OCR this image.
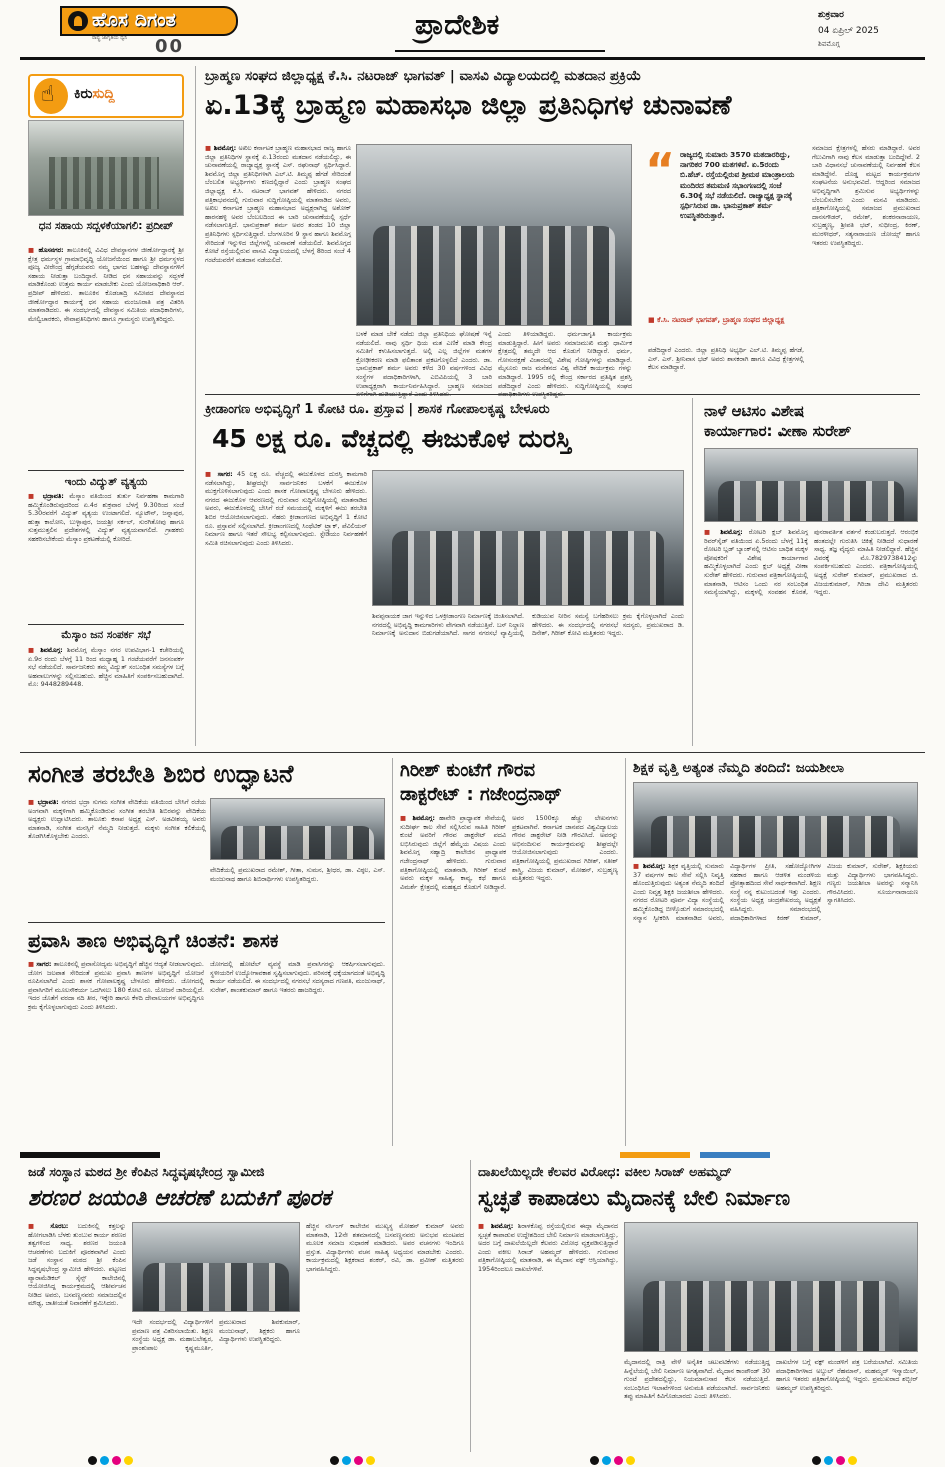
ಹೊಸ ದಿಗಂತ
ರಾಷ್ಟ್ರ ಜಾಗೃತಿಯ ಧ್ವನಿ 00
ಪ್ರಾದೇಶಿಕ	ಶುಕ್ರವಾರ
04 ಏಪ್ರಿಲ್ 2025
ಶಿವಮೊಗ್ಗ
☝
ಕಿರುಸುದ್ದಿ
ಧನ ಸಹಾಯ ಸದ್ಬಳಕೆಯಾಗಲಿ: ಪ್ರದೀಪ್
■ ಹೊಸನಗರ: ತಾಲೂಕಿನಲ್ಲಿ ವಿವಿಧ ದೇವಸ್ಥಾನಗಳ ಜೀರ್ಣೋದ್ಧಾರಕ್ಕೆ ಶ್ರೀ ಕ್ಷೇತ್ರ ಧರ್ಮಸ್ಥಳ ಗ್ರಾಮಾಭಿವೃದ್ಧಿ ಯೋಜನೆಯಿಂದ ಹಾಗೂ ಶ್ರೀ ಧರ್ಮಸ್ಥಳದ ಪೂಜ್ಯ ವೀರೇಂದ್ರ ಹೆಗ್ಗಡೆಯವರು ನಮ್ಮ ಭಾಗದ ಬಹಳಷ್ಟು ದೇವಸ್ಥಾನಗಳಿಗೆ ಸಹಾಯ ನೀಡುತ್ತಾ ಬಂದಿದ್ದಾರೆ. ನೀಡಿದ ಧನ ಸಹಾಯವನ್ನು ಸದ್ಬಳಕೆ ಮಾಡಿಕೊಂಡು ಉತ್ತಮ ಕಾರ್ಯ ಮಾಡಬೇಕು ಎಂದು ಯೋಜನಾಧಿಕಾರಿ ಆರ್. ಪ್ರದೀಪ್ ಹೇಳಿದರು. ತಾಲೂಕಿನ ಕೊಡಚಾದ್ರಿ ಸಮೀಪದ ದೇವಸ್ಥಾನದ ಜೀರ್ಣೋದ್ಧಾರ ಕಾರ್ಯಕ್ಕೆ ಧನ ಸಹಾಯ ಮಂಜೂರಾತಿ ಪತ್ರ ವಿತರಿಸಿ ಮಾತನಾಡಿದರು. ಈ ಸಂದರ್ಭದಲ್ಲಿ ದೇವಸ್ಥಾನ ಸಮಿತಿಯ ಪದಾಧಿಕಾರಿಗಳು, ಮೇಲ್ವಿಚಾರಕರು, ಸೇವಾಪ್ರತಿನಿಧಿಗಳು ಹಾಗೂ ಗ್ರಾಮಸ್ಥರು ಉಪಸ್ಥಿತರಿದ್ದರು.
ಇಂದು ವಿದ್ಯುತ್ ವ್ಯತ್ಯಯ
■ ಭದ್ರಾವತಿ: ಮೆಸ್ಕಾಂ ವತಿಯಿಂದ ತುರ್ತು ನಿರ್ವಹಣಾ ಕಾಮಗಾರಿ ಹಮ್ಮಿಕೊಂಡಿರುವುದರಿಂದ ಏ.4ರ ಶುಕ್ರವಾರ ಬೆಳಗ್ಗೆ 9.30ರಿಂದ ಸಂಜೆ 5.30ರವರೆಗೆ ವಿದ್ಯುತ್ ವ್ಯತ್ಯಯ ಉಂಟಾಗಲಿದೆ. ನ್ಯೂಟೌನ್, ಜನ್ನಾಪುರ, ಹುತ್ತಾ ಕಾಲೋನಿ, ಬುಳ್ಳಾಪುರ, ಜಯಶ್ರೀ ಸರ್ಕಲ್, ಸುರಗಿತೋಪು ಹಾಗೂ ಸುತ್ತಮುತ್ತಲಿನ ಪ್ರದೇಶಗಳಲ್ಲಿ ವಿದ್ಯುತ್ ವ್ಯತ್ಯಯವಾಗಲಿದೆ. ಗ್ರಾಹಕರು ಸಹಕರಿಸಬೇಕೆಂದು ಮೆಸ್ಕಾಂ ಪ್ರಕಟಣೆಯಲ್ಲಿ ಕೋರಿದೆ.
ಮೆಸ್ಕಾಂ ಜನ ಸಂಪರ್ಕ ಸಭೆ
■ ಶಿವಮೊಗ್ಗ: ಶಿವಮೊಗ್ಗ ಮೆಸ್ಕಾಂ ನಗರ ಉಪವಿಭಾಗ-1 ಕಚೇರಿಯಲ್ಲಿ ಏ.9ರ ರಂದು ಬೆಳಗ್ಗೆ 11 ರಿಂದ ಮಧ್ಯಾಹ್ನ 1 ಗಂಟೆಯವರೆಗೆ ಜನಸಂಪರ್ಕ ಸಭೆ ನಡೆಯಲಿದೆ. ಸಾರ್ವಜನಿಕರು ತಮ್ಮ ವಿದ್ಯುತ್ ಸಂಬಂಧಿತ ಸಮಸ್ಯೆಗಳ ಬಗ್ಗೆ ಅಹವಾಲುಗಳನ್ನು ಸಲ್ಲಿಸಬಹುದು. ಹೆಚ್ಚಿನ ಮಾಹಿತಿಗೆ ಸಂಪರ್ಕಿಸಬಹುದಾಗಿದೆ. ಮೊ: 9448289448.
ಬ್ರಾಹ್ಮಣ ಸಂಘದ ಜಿಲ್ಲಾಧ್ಯಕ್ಷ ಕೆ.ಸಿ. ನಟರಾಜ್ ಭಾಗವತ್ | ವಾಸವಿ ವಿದ್ಯಾಲಯದಲ್ಲಿ ಮತದಾನ ಪ್ರಕ್ರಿಯೆ
ಏ.13ಕ್ಕೆ ಬ್ರಾಹ್ಮಣ ಮಹಾಸಭಾ ಜಿಲ್ಲಾ ಪ್ರತಿನಿಧಿಗಳ ಚುನಾವಣೆ
■ ಶಿವಮೊಗ್ಗ: ಅಖಿಲ ಕರ್ನಾಟಕ ಬ್ರಾಹ್ಮಣ ಮಹಾಸಭಾದ ರಾಜ್ಯ ಹಾಗೂ ಜಿಲ್ಲಾ ಪ್ರತಿನಿಧಿಗಳ ಸ್ಥಾನಕ್ಕೆ ಏ.13ರಂದು ಮತದಾನ ನಡೆಯಲಿದ್ದು, ಈ ಚುನಾವಣೆಯಲ್ಲಿ ರಾಜ್ಯಾಧ್ಯಕ್ಷ ಸ್ಥಾನಕ್ಕೆ ಎಸ್. ರಘುನಾಥ್ ಸ್ಪರ್ಧಿಸಿದ್ದಾರೆ. ಶಿವಮೊಗ್ಗ ಜಿಲ್ಲಾ ಪ್ರತಿನಿಧಿಗಳಾಗಿ ಎಲ್.ಟಿ. ತಿಮ್ಮಪ್ಪ ಹೆಗಡೆ ಸೇರಿದಂತೆ ಬೆಂಬಲಿತ ಅಭ್ಯರ್ಥಿಗಳು ಕಣದಲ್ಲಿದ್ದಾರೆ ಎಂದು ಬ್ರಾಹ್ಮಣ ಸಂಘದ ಜಿಲ್ಲಾಧ್ಯಕ್ಷ ಕೆ.ಸಿ. ನಟರಾಜ್ ಭಾಗವತ್ ಹೇಳಿದರು. ನಗರದ ಪತ್ರಿಕಾಭವನದಲ್ಲಿ ಗುರುವಾರ ಸುದ್ದಿಗೋಷ್ಠಿಯಲ್ಲಿ ಮಾತನಾಡಿದ ಅವರು, ಅಖಿಲ ಕರ್ನಾಟಕ ಬ್ರಾಹ್ಮಣ ಮಹಾಸಭಾದ ಅಧ್ಯಕ್ಷರಾಗಿದ್ದ ಅಶೋಕ್ ಹಾರನಹಳ್ಳಿ ಅವರ ಬೆಂಬಲದಿಂದ ಈ ಬಾರಿ ಚುನಾವಣೆಯಲ್ಲಿ ಸ್ಪರ್ಧೆ ನಡೆಸಲಾಗುತ್ತಿದೆ. ಭಾನುಪ್ರಕಾಶ್ ಶರ್ಮ ಅವರ ತಂಡದ 10 ಜಿಲ್ಲಾ ಪ್ರತಿನಿಧಿಗಳು ಸ್ಪರ್ಧಿಸುತ್ತಿದ್ದಾರೆ. ಬೆಂಗಳೂರಿನ 9 ಸ್ಥಾನ ಹಾಗೂ ಶಿವಮೊಗ್ಗ ಸೇರಿದಂತೆ ಇನ್ನುಳಿದ ಜಿಲ್ಲೆಗಳಲ್ಲಿ ಚುನಾವಣೆ ನಡೆಯಲಿದೆ. ಶಿವಮೊಗ್ಗದ ಕೋಟೆ ರಸ್ತೆಯಲ್ಲಿರುವ ವಾಸವಿ ವಿದ್ಯಾಲಯದಲ್ಲಿ ಬೆಳಗ್ಗೆ 8ರಿಂದ ಸಂಜೆ 4 ಗಂಟೆಯವರೆಗೆ ಮತದಾನ ನಡೆಯಲಿದೆ.
ಬಳಕೆ ಮಾಡ ಬೇಕೆ ನಡೆದು ಜಿಲ್ಲಾ ಪ್ರತಿನಿಧಿಯ ಘೋಷಣೆ ಇನ್ನೆ ನಡೆಯಲಿದೆ. ನಾವು ಸ್ಪರ್ಧಿ ಧಿಯ ಮತ ಎಣಿಕೆ ಮಾಡಿ ಕೇಂದ್ರ ಸಮಿತಿಗೆ ಕಳುಹಿಸಲಾಗುತ್ತದೆ. ಅಲ್ಲಿ ಎಲ್ಲ ಜಿಲ್ಲೆಗಳ ಮತಗಳ ಕ್ರೋಢೀಕರಣ ಮಾಡಿ ಫಲಿತಾಂಶ ಪ್ರಕಟಗೊಳ್ಳಲಿದೆ ಎಂದರು. ಡಾ. ಭಾನುಪ್ರಕಾಶ್ ಶರ್ಮ ಅವರು ಕಳೆದ 30 ವರ್ಷಗಳಿಂದ ವಿವಿಧ ಸಂಸ್ಥೆಗಳ ಪದಾಧಿಕಾರಿಗಳಾಗಿ, ಎಬಿವಿಪಿಯಲ್ಲಿ 3 ಬಾರಿ ಉಪಾಧ್ಯಕ್ಷರಾಗಿ ಕಾರ್ಯನಿರ್ವಹಿಸಿದ್ದಾರೆ. ಬ್ರಾಹ್ಮಣ ಸಮಾಜದ
ಎಂದು ತಿಳಿಯಾಡಿದ್ದರು. ಧರ್ಮಜಾಗೃತಿ ಕಾರ್ಯಕ್ರಮ ಮಾಡುತ್ತಿದ್ದಾರೆ. ಹೀಗೆ ಅವರು ಸಮಾಜಮುಖಿ ಮತ್ತು ಧಾರ್ಮಿಕ ಕ್ಷೇತ್ರದಲ್ಲಿ ತಮ್ಮದೇ ಆದ ಕೊಡುಗೆ ನೀಡಿದ್ದಾರೆ. ಧರ್ಮ, ಗೋಸಂರಕ್ಷಣೆ ವಿಚಾರದಲ್ಲಿ ವಿಶೇಷ ಗೋಷ್ಠಿಗಳನ್ನು ಮಾಡಿದ್ದಾರೆ. ಮೈಸೂರು ರಾಜ ಮನೆತನದ ವಿಶ್ವ ವೇದಿಕೆ ಕಾರ್ಯಕ್ರಮ ಗಳನ್ನು ಮಾಡಿದ್ದಾರೆ. 1995 ರಲ್ಲಿ ಕೇಂದ್ರ ಸರ್ಕಾರದ ಪ್ರತಿಷ್ಠಿತ ಪ್ರಶಸ್ತಿ ಪಡೆದಿದ್ದಾರೆ ಎಂದು ಹೇಳಿದರು. ಸುದ್ದಿಗೋಷ್ಠಿಯಲ್ಲಿ ಸಂಘದ
“ ರಾಜ್ಯದಲ್ಲಿ ಸುಮಾರು 3570 ಮತದಾರರಿದ್ದು, ನಾಗರಿಕರ 700 ಮತಗಳಿವೆ. ಏ.5ರಂದು ಬಿ.ಹೆಚ್. ರಸ್ತೆಯಲ್ಲಿರುವ ಶ್ರೀಮಠ ಮಾಂತ್ರಾಲಯ ಮಂದಿರದ ತಮಮಣಿ ಸಭಾಂಗಣದಲ್ಲಿ ಸಂಜೆ 6.30ಕ್ಕೆ ಸಭೆ ನಡೆಯಲಿದೆ. ರಾಜ್ಯಾಧ್ಯಕ್ಷ ಸ್ಥಾನಕ್ಕೆ ಸ್ಪರ್ಧಿಸಿರುವ ಡಾ. ಭಾನುಪ್ರಕಾಶ್ ಶರ್ಮ ಉಪಸ್ಥಿತರಿರುತ್ತಾರೆ.
■ ಕೆ.ಸಿ. ನಟರಾಜ್ ಭಾಗವತ್, ಬ್ರಾಹ್ಮಣ ಸಂಘದ ಜಿಲ್ಲಾಧ್ಯಕ್ಷ
ಪಡೆದಿದ್ದಾರೆ ಎಂದರು. ಜಿಲ್ಲಾ ಪ್ರತಿನಿಧಿ ಅಭ್ಯರ್ಥಿ ಎಲ್.ಟಿ. ತಿಮ್ಮಪ್ಪ ಹೆಗಡೆ, ಎಸ್. ಎಸ್. ಶ್ರೀನಿವಾಸ ಭಟ್ ಅವರು ಶಾಸಕರಾಗಿ ಹಾಗೂ ವಿವಿಧ ಕ್ಷೇತ್ರಗಳಲ್ಲಿ ಕೆಲಸ ಮಾಡಿದ್ದಾರೆ.
ಸಮಾಜದ ಕ್ಷೇತ್ರಗಳಲ್ಲಿ ಹೆಸರು ಮಾಡಿದ್ದಾರೆ. ಅವರ ಗೆಲುವಿಗಾಗಿ ನಾವು ಕೆಲಸ ಮಾಡುತ್ತಾ ಬಂದಿದ್ದೇವೆ. 2 ಬಾರಿ ವಿಧಾನಸಭೆ ಚುನಾವಣೆಯಲ್ಲಿ ನಿರ್ವಹಣೆ ಕೆಲಸ ಮಾಡಿದ್ದೇನೆ. ದೊಡ್ಡ ಮಟ್ಟದ ಕಾರ್ಯಕ್ರಮಗಳ ಸಂಘಟನೆಯ ಅನುಭವವಿದೆ. ಆದ್ದರಿಂದ ಸಮಾಜದ ಅಭಿವೃದ್ಧಿಗಾಗಿ ಶ್ರಮಿಸುವ ಅಭ್ಯರ್ಥಿಗಳನ್ನು ಬೆಂಬಲಿಸಬೇಕು ಎಂದು ಮನವಿ ಮಾಡಿದರು. ಪತ್ರಿಕಾಗೋಷ್ಠಿಯಲ್ಲಿ ಸಮಾಜದ ಪ್ರಮುಖರಾದ ದಾನಸಗೌಡರ್, ರಮೇಶ್, ಶಂಕರನಾರಾಯಣ, ಸುಬ್ರಹ್ಮಣ್ಯ, ಶ್ರೀಪತಿ ಭಟ್, ಸುಧೀಂದ್ರ, ಕಿರಣ್, ಮುರಳೀಧರ್, ಸತ್ಯನಾರಾಯಣ ಜೋಯ್ಸ್ ಹಾಗೂ ಇತರರು ಉಪಸ್ಥಿತರಿದ್ದರು.
ಕ್ರೀಡಾಂಗಣ ಅಭಿವೃದ್ಧಿಗೆ 1 ಕೋಟಿ ರೂ. ಪ್ರಸ್ತಾವ | ಶಾಸಕ ಗೋಪಾಲಕೃಷ್ಣ ಬೇಳೂರು
45 ಲಕ್ಷ ರೂ. ವೆಚ್ಚದಲ್ಲಿ ಈಜುಕೊಳ ದುರಸ್ತಿ
■ ಸಾಗರ: 45 ಲಕ್ಷ ರೂ. ವೆಚ್ಚದಲ್ಲಿ ಈಜುಕೊಳದ ದುರಸ್ತಿ ಕಾಮಗಾರಿ ನಡೆಸಲಾಗಿದ್ದು, ಶೀಘ್ರದಲ್ಲೇ ಸಾರ್ವಜನಿಕರ ಬಳಕೆಗೆ ಈಜುಕೊಳ ಮುಕ್ತಗೊಳಿಸಲಾಗುವುದು ಎಂದು ಶಾಸಕ ಗೋಪಾಲಕೃಷ್ಣ ಬೇಳೂರು ಹೇಳಿದರು. ನಗರದ ಈಜುಕೊಳ ಆವರಣದಲ್ಲಿ ಗುರುವಾರ ಸುದ್ದಿಗೋಷ್ಠಿಯಲ್ಲಿ ಮಾತನಾಡಿದ ಅವರು, ಈಜುಕೊಳದಲ್ಲಿ ಬೇಸಿಗೆ ರಜೆ ಸಮಯದಲ್ಲಿ ಮಕ್ಕಳಿಗೆ ಈಜು ತರಬೇತಿ ಶಿಬಿರ ಆಯೋಜಿಸಲಾಗುವುದು. ನೆಹರು ಕ್ರೀಡಾಂಗಣದ ಅಭಿವೃದ್ಧಿಗೆ 1 ಕೋಟಿ ರೂ. ಪ್ರಸ್ತಾವನೆ ಸಲ್ಲಿಸಲಾಗಿದೆ. ಕ್ರೀಡಾಂಗಣದಲ್ಲಿ ಸಿಂಥೆಟಿಕ್ ಟ್ರ್ಯಾಕ್, ಪೆವಿಲಿಯನ್ ನಿರ್ಮಾಣ ಹಾಗೂ ಇತರೆ ಸೌಲಭ್ಯ ಕಲ್ಪಿಸಲಾಗುವುದು. ಸ್ಟೇಡಿಯಂ ನಿರ್ವಹಣೆಗೆ ಸಮಿತಿ ರಚಿಸಲಾಗುವುದು ಎಂದು ತಿಳಿಸಿದರು.
ಶಿವಪ್ಪನಾಯಕ ಜಾಗ ಇನ್ನುಳಿದ ಒಳಕ್ರೀಡಾಂಗಣ ನಿರ್ಮಾಣಕ್ಕೆ ಚಿಂತಿಸಲಾಗಿದೆ. ನಗರದಲ್ಲಿ ಅಭಿವೃದ್ಧಿ ಕಾಮಗಾರಿಗಳು ವೇಗವಾಗಿ ನಡೆಯುತ್ತಿವೆ. ಬಸ್ ನಿಲ್ದಾಣ ನಿರ್ಮಾಣಕ್ಕೆ ಅನುದಾನ ಬಿಡುಗಡೆಯಾಗಿದೆ. ಸಾಗರ ನಗರಸಭೆ ವ್ಯಾಪ್ತಿಯಲ್ಲಿ ಕುಡಿಯುವ ನೀರಿನ ಸಮಸ್ಯೆ ಬಗೆಹರಿಸಲು ಕ್ರಮ ಕೈಗೊಳ್ಳಲಾಗಿದೆ ಎಂದು ಹೇಳಿದರು. ಈ ಸಂದರ್ಭದಲ್ಲಿ ನಗರಸಭೆ ಸದಸ್ಯರು, ಪ್ರಮುಖರಾದ ಡಿ. ದಿನೇಶ್, ಗಿರೀಶ್ ಕೋವಿ ಮತ್ತಿತರರು ಇದ್ದರು.
ನಾಳೆ ಆಟಿಸಂ ವಿಶೇಷ
ಕಾರ್ಯಾಗಾರ: ವೀಣಾ ಸುರೇಶ್
■ ಶಿವಮೊಗ್ಗ: ರೋಟರಿ ಕ್ಲಬ್ ಶಿವಮೊಗ್ಗ ರಿವರ್‌ಸೈಡ್ ವತಿಯಿಂದ ಏ.5ರಂದು ಬೆಳಗ್ಗೆ 11ಕ್ಕೆ ರೋಟರಿ ಬ್ಲಡ್ ಬ್ಯಾಂಕ್‌ನಲ್ಲಿ ಆಟಿಸಂ ಬಾಧಿತ ಮಕ್ಕಳ ಪೋಷಕರಿಗೆ ವಿಶೇಷ ಕಾರ್ಯಾಗಾರ ಹಮ್ಮಿಕೊಳ್ಳಲಾಗಿದೆ ಎಂದು ಕ್ಲಬ್ ಅಧ್ಯಕ್ಷೆ ವೀಣಾ ಸುರೇಶ್ ಹೇಳಿದರು. ಗುರುವಾರ ಪತ್ರಿಕಾಗೋಷ್ಠಿಯಲ್ಲಿ ಮಾತನಾಡಿ, ಆಟಿಸಂ ಒಂದು ನರ ಸಂಬಂಧಿತ ಸಮಸ್ಯೆಯಾಗಿದ್ದು, ಮಕ್ಕಳಲ್ಲಿ ಸಂವಹನ ಕೊರತೆ, ಪುನರಾವರ್ತಿತ ವರ್ತನೆ ಕಂಡುಬರುತ್ತದೆ. ಆರಂಭಿಕ ಹಂತದಲ್ಲೇ ಗುರುತಿಸಿ ಚಿಕಿತ್ಸೆ ನೀಡಿದರೆ ಸುಧಾರಣೆ ಸಾಧ್ಯ. ತಜ್ಞ ವೈದ್ಯರು ಮಾಹಿತಿ ನೀಡಲಿದ್ದಾರೆ. ಹೆಚ್ಚಿನ ವಿವರಕ್ಕೆ ಮೊ.7829738412ನ್ನು ಸಂಪರ್ಕಿಸಬಹುದು ಎಂದರು. ಪತ್ರಿಕಾಗೋಷ್ಠಿಯಲ್ಲಿ ಅಧ್ಯಕ್ಷೆ ಸುರೇಶ್ ಕುಮಾರ್, ಪ್ರಮುಖರಾದ ಜಿ. ವಿಜಯಕುಮಾರ್, ಗಿರಿಜಾ ದೇವಿ ಮತ್ತಿತರರು ಇದ್ದರು.
ಸಂಗೀತ ತರಬೇತಿ ಶಿಬಿರ ಉದ್ಘಾಟನೆ
■ ಭದ್ರಾವತಿ: ನಗರದ ಭದ್ರಾ ಸುಗಮ ಸಂಗೀತ ವೇದಿಕೆಯ ವತಿಯಿಂದ ಬೇಸಿಗೆ ರಜೆಯ ಅಂಗವಾಗಿ ಮಕ್ಕಳಿಗಾಗಿ ಹಮ್ಮಿಕೊಂಡಿರುವ ಸಂಗೀತ ತರಬೇತಿ ಶಿಬಿರವನ್ನು ವೇದಿಕೆಯ ಅಧ್ಯಕ್ಷರು ಉದ್ಘಾಟಿಸಿದರು. ತಾಲೂಕು ಕಸಾಪ ಅಧ್ಯಕ್ಷ ಎಸ್. ಅಡವೀಶಯ್ಯ ಅವರು ಮಾತನಾಡಿ, ಸಂಗೀತ ಮನಸ್ಸಿಗೆ ನೆಮ್ಮದಿ ನೀಡುತ್ತದೆ. ಮಕ್ಕಳು ಸಂಗೀತ ಕಲಿಕೆಯಲ್ಲಿ ತೊಡಗಿಸಿಕೊಳ್ಳಬೇಕು ಎಂದರು.
ವೇದಿಕೆಯಲ್ಲಿ ಪ್ರಮುಖರಾದ ರಮೇಶ್, ಗೀತಾ, ಸುಮನ, ಶ್ರೀಧರ, ಡಾ. ವಿಠ್ಠಲ, ಎಸ್. ಮಂಜುನಾಥ ಹಾಗೂ ಶಿಬಿರಾರ್ಥಿಗಳು ಉಪಸ್ಥಿತರಿದ್ದರು.
ಪ್ರವಾಸಿ ತಾಣ ಅಭಿವೃದ್ಧಿಗೆ ಚಿಂತನೆ: ಶಾಸಕ
■ ಸಾಗರ: ತಾಲೂಕಿನಲ್ಲಿ ಪ್ರವಾಸೋದ್ಯಮ ಅಭಿವೃದ್ಧಿಗೆ ಹೆಚ್ಚಿನ ಆದ್ಯತೆ ನೀಡಲಾಗುವುದು. ಜೋಗ ಜಲಪಾತ ಸೇರಿದಂತೆ ಪ್ರಮುಖ ಪ್ರವಾಸಿ ತಾಣಗಳ ಅಭಿವೃದ್ಧಿಗೆ ಯೋಜನೆ ರೂಪಿಸಲಾಗಿದೆ ಎಂದು ಶಾಸಕ ಗೋಪಾಲಕೃಷ್ಣ ಬೇಳೂರು ಹೇಳಿದರು. ಜೋಗದಲ್ಲಿ ಪ್ರವಾಸಿಗರಿಗೆ ಮೂಲಸೌಕರ್ಯ ಒದಗಿಸಲು 180 ಕೋಟಿ ರೂ. ಯೋಜನೆ ಜಾರಿಯಲ್ಲಿದೆ. ಇದರ ಜೊತೆಗೆ ವರದಾ ನದಿ ತೀರ, ಇಕ್ಕೇರಿ ಹಾಗೂ ಕೆಳದಿ ದೇವಾಲಯಗಳ ಅಭಿವೃದ್ಧಿಗೂ ಕ್ರಮ ಕೈಗೊಳ್ಳಲಾಗುವುದು ಎಂದು ತಿಳಿಸಿದರು.
ಜೋಗದಲ್ಲಿ ಹೋಟೆಲ್ ವ್ಯವಸ್ಥೆ ಮಾಡಿ ಪ್ರವಾಸಿಗರನ್ನು ಆಕರ್ಷಿಸಲಾಗುವುದು. ಸ್ಥಳೀಯರಿಗೆ ಉದ್ಯೋಗಾವಕಾಶ ಸೃಷ್ಟಿಸಲಾಗುವುದು. ಪರಿಸರಕ್ಕೆ ಧಕ್ಕೆಯಾಗದಂತೆ ಅಭಿವೃದ್ಧಿ ಕಾರ್ಯ ನಡೆಯಲಿದೆ. ಈ ಸಂದರ್ಭದಲ್ಲಿ ನಗರಸಭೆ ಸದಸ್ಯರಾದ ಗಣಪತಿ, ಮಂಜುನಾಥ್, ಸುರೇಶ್, ಶಾಂತಕುಮಾರ್ ಹಾಗೂ ಇತರರು ಹಾಜರಿದ್ದರು.
ಗಿರೀಶ್ ಕುಂಟೆಗೆ ಗೌರವ
ಡಾಕ್ಟರೇಟ್ : ಗಜೇಂದ್ರನಾಥ್
■ ಶಿವಮೊಗ್ಗ: ಹಾವೇರಿ ಪ್ರಾಧ್ಯಾಪಕ ಸೇವೆಯಲ್ಲಿ ಸುದೀರ್ಘ ಕಾಲ ಸೇವೆ ಸಲ್ಲಿಸಿರುವ ಸಾಹಿತಿ ಗಿರೀಶ್ ಕುಂಟೆ ಅವರಿಗೆ ಗೌರವ ಡಾಕ್ಟರೇಟ್ ಪದವಿ ಲಭಿಸಿರುವುದು ಜಿಲ್ಲೆಗೆ ಹೆಮ್ಮೆಯ ವಿಷಯ ಎಂದು ಶಿವಮೊಗ್ಗ ಸಹ್ಯಾದ್ರಿ ಕಾಲೇಜಿನ ಪ್ರಾಧ್ಯಾಪಕ ಗಜೇಂದ್ರನಾಥ್ ಹೇಳಿದರು. ಗುರುವಾರ ಪತ್ರಿಕಾಗೋಷ್ಠಿಯಲ್ಲಿ ಮಾತನಾಡಿ, ಗಿರೀಶ್ ಕುಂಟೆ ಅವರು ಮಕ್ಕಳ ಸಾಹಿತ್ಯ, ಕಾವ್ಯ, ಕಥೆ ಹಾಗೂ ವಿಮರ್ಶೆ ಕ್ಷೇತ್ರದಲ್ಲಿ ಮಹತ್ವದ ಕೊಡುಗೆ ನೀಡಿದ್ದಾರೆ. ಅವರ 1500ಕ್ಕೂ ಹೆಚ್ಚು ಲೇಖನಗಳು ಪ್ರಕಟವಾಗಿವೆ. ಕರ್ನಾಟಕ ಜಾನಪದ ವಿಶ್ವವಿದ್ಯಾಲಯ ಗೌರವ ಡಾಕ್ಟರೇಟ್ ನೀಡಿ ಗೌರವಿಸಿದೆ. ಅವರನ್ನು ಅಭಿನಂದಿಸುವ ಕಾರ್ಯಕ್ರಮವನ್ನು ಶೀಘ್ರದಲ್ಲೇ ಆಯೋಜಿಸಲಾಗುವುದು ಎಂದರು. ಪತ್ರಿಕಾಗೋಷ್ಠಿಯಲ್ಲಿ ಪ್ರಮುಖರಾದ ಗಿರೀಶ್, ಸತೀಶ್ ಶಾಸ್ತ್ರಿ, ವಿಜಯ ಕುಮಾರ್, ಮೋಹನ್, ಸುಬ್ರಹ್ಮಣ್ಯ ಮತ್ತಿತರರು ಇದ್ದರು.
ಶಿಕ್ಷಕ ವೃತ್ತಿ ಅತ್ಯಂತ ನೆಮ್ಮದಿ ತಂದಿದೆ: ಜಯಶೀಲಾ
■ ಶಿವಮೊಗ್ಗ: ಶಿಕ್ಷಕ ವೃತ್ತಿಯಲ್ಲಿ ಸುಮಾರು 37 ವರ್ಷಗಳ ಕಾಲ ಸೇವೆ ಸಲ್ಲಿಸಿ ನಿವೃತ್ತಿ ಹೊಂದುತ್ತಿರುವುದು ಅತ್ಯಂತ ನೆಮ್ಮದಿ ತಂದಿದೆ ಎಂದು ನಿವೃತ್ತ ಶಿಕ್ಷಕಿ ಜಯಶೀಲಾ ಹೇಳಿದರು. ನಗರದ ರೋಟರಿ ಪೂರ್ವ ವಿದ್ಯಾ ಸಂಸ್ಥೆಯಲ್ಲಿ ಹಮ್ಮಿಕೊಂಡಿದ್ದ ಬೀಳ್ಕೊಡುಗೆ ಸಮಾರಂಭದಲ್ಲಿ ಸನ್ಮಾನ ಸ್ವೀಕರಿಸಿ ಮಾತನಾಡಿದ ಅವರು, ವಿದ್ಯಾರ್ಥಿಗಳ ಪ್ರೀತಿ, ಸಹೋದ್ಯೋಗಿಗಳ ಸಹಕಾರ ಹಾಗೂ ಆಡಳಿತ ಮಂಡಳಿಯ ಪ್ರೋತ್ಸಾಹದಿಂದ ಸೇವೆ ಸಾರ್ಥಕವಾಗಿದೆ. ಶಿಕ್ಷಣ ಸಂಸ್ಥೆ ನನ್ನ ಕುಟುಂಬದಂತೆ ಇತ್ತು ಎಂದರು. ಸಂಸ್ಥೆಯ ಅಧ್ಯಕ್ಷ ಚಂದ್ರಶೇಖರಯ್ಯ ಅಧ್ಯಕ್ಷತೆ ವಹಿಸಿದ್ದರು. ಸಮಾರಂಭದಲ್ಲಿ ಪದಾಧಿಕಾರಿಗಳಾದ ಕಿರಣ್ ಕುಮಾರ್, ವಿಜಯ ಕುಮಾರ್, ಸುರೇಶ್, ಶಿಕ್ಷಕಿಯರು ಮತ್ತು ವಿದ್ಯಾರ್ಥಿಗಳು ಭಾಗವಹಿಸಿದ್ದರು. ಗಣ್ಯರು ಜಯಶೀಲಾ ಅವರನ್ನು ಸನ್ಮಾನಿಸಿ ಗೌರವಿಸಿದರು. ಸೂರ್ಯನಾರಾಯಣ ಸ್ವಾಗತಿಸಿದರು.
ಜಡೆ ಸಂಸ್ಥಾನ ಮಠದ ಶ್ರೀ ಕೆಂಪಿನ ಸಿದ್ಧವೃಷಭೇಂದ್ರ ಸ್ವಾಮೀಜಿ
ಶರಣರ ಜಯಂತಿ ಆಚರಣೆ ಬದುಕಿಗೆ ಪೂರಕ
■ ಸೊರಬ: ಬದುಕಿನಲ್ಲಿ ಕತ್ತಲನ್ನು ಹೋಗಲಾಡಿಸಿ ಬೆಳಕು ತುಂಬುವ ಕಾರ್ಯ ಶರಣರ ತತ್ವಗಳಿಂದ ಸಾಧ್ಯ. ಶರಣರ ಜಯಂತಿ ಆಚರಣೆಗಳು ಬದುಕಿಗೆ ಪೂರಕವಾಗಿವೆ ಎಂದು ಜಡೆ ಸಂಸ್ಥಾನ ಮಠದ ಶ್ರೀ ಕೆಂಪಿನ ಸಿದ್ಧವೃಷಭೇಂದ್ರ ಸ್ವಾಮೀಜಿ ಹೇಳಿದರು. ಪಟ್ಟಣದ ಪ್ಯಾರಾಮೆಡಿಕಲ್ ಸೈನ್ಸ್ ಕಾಲೇಜಿನಲ್ಲಿ ಆಯೋಜಿಸಿದ್ದ ಕಾರ್ಯಕ್ರಮದಲ್ಲಿ ಆಶೀರ್ವಚನ ನೀಡಿದ ಅವರು, ಬಸವಣ್ಣನವರು ಸಮಾಜದಲ್ಲಿನ ಮೌಢ್ಯ, ಜಾತೀಯತೆ ನಿವಾರಣೆಗೆ ಶ್ರಮಿಸಿದರು.
ಇದೇ ಸಂದರ್ಭದಲ್ಲಿ ವಿದ್ಯಾರ್ಥಿಗಳಿಗೆ ಪ್ರಮಾಣ ಪತ್ರ ವಿತರಿಸಲಾಯಿತು. ಶಿಕ್ಷಣ ಸಂಸ್ಥೆಯ ಅಧ್ಯಕ್ಷ ಡಾ. ಮಹಾಬಲೇಶ್ವರ, ಪ್ರಾಂಶುಪಾಲ ಕೃಷ್ಣಮೂರ್ತಿ, ಪ್ರಮುಖರಾದ ಶಿವಕುಮಾರ್, ಮಂಜುನಾಥ್, ಶಿಕ್ಷಕರು ಹಾಗೂ ವಿದ್ಯಾರ್ಥಿಗಳು ಉಪಸ್ಥಿತರಿದ್ದರು.
ಹೆಚ್ಚಿನ ನರ್ಸಿಂಗ್ ಕಾಲೇಜಿನ ಮುಖ್ಯಸ್ಥ ಮೋಹನ್ ಕುಮಾರ್ ಅವರು ಮಾತನಾಡಿ, 12ನೇ ಶತಮಾನದಲ್ಲಿ ಬಸವಣ್ಣನವರು ಅನುಭವ ಮಂಟಪದ ಮೂಲಕ ಸಮಾಜ ಸುಧಾರಣೆ ಮಾಡಿದರು. ಅವರ ವಚನಗಳು ಇಂದಿಗೂ ಪ್ರಸ್ತುತ. ವಿದ್ಯಾರ್ಥಿಗಳು ವಚನ ಸಾಹಿತ್ಯ ಅಧ್ಯಯನ ಮಾಡಬೇಕು ಎಂದರು. ಕಾರ್ಯಕ್ರಮದಲ್ಲಿ ಶಿಕ್ಷಕರಾದ ಶಂಕರ್, ರವಿ, ಡಾ. ಪ್ರವೀಣ್ ಮತ್ತಿತರರು ಭಾಗವಹಿಸಿದ್ದರು.
ದಾಖಲೆಯಿಲ್ಲದೇ ಕೆಲವರ ವಿರೋಧ: ವಕೀಲ ಸಿರಾಜ್ ಅಹಮ್ಮದ್
ಸ್ವಚ್ಛತೆ ಕಾಪಾಡಲು ಮೈದಾನಕ್ಕೆ ಬೇಲಿ ನಿರ್ಮಾಣ
■ ಶಿವಮೊಗ್ಗ: ಶಿರಾಳಕೊಪ್ಪ ರಸ್ತೆಯಲ್ಲಿರುವ ಈದ್ಗಾ ಮೈದಾನದ ಸ್ವಚ್ಛತೆ ಕಾಪಾಡುವ ಉದ್ದೇಶದಿಂದ ಬೇಲಿ ನಿರ್ಮಾಣ ಮಾಡಲಾಗುತ್ತಿದ್ದು, ಅದರ ಬಗ್ಗೆ ದಾಖಲೆಯಿಲ್ಲದೇ ಕೆಲವರು ವಿರೋಧ ವ್ಯಕ್ತಪಡಿಸುತ್ತಿದ್ದಾರೆ ಎಂದು ವಕೀಲ ಸಿರಾಜ್ ಅಹಮ್ಮದ್ ಹೇಳಿದರು. ಗುರುವಾರ ಪತ್ರಿಕಾಗೋಷ್ಠಿಯಲ್ಲಿ ಮಾತನಾಡಿ, ಈ ಮೈದಾನ ವಕ್ಫ್ ಆಸ್ತಿಯಾಗಿದ್ದು, 1954ರಿಂದಲೂ ದಾಖಲೆಗಳಿವೆ.
ಮೈದಾನದಲ್ಲಿ ರಾತ್ರಿ ವೇಳೆ ಅನೈತಿಕ ಚಟುವಟಿಕೆಗಳು ನಡೆಯುತ್ತಿದ್ದ ಹಿನ್ನೆಲೆಯಲ್ಲಿ ಬೇಲಿ ನಿರ್ಮಾಣ ಅಗತ್ಯವಾಗಿದೆ. ಮೈದಾನ ಕಾಂಪೌಂಡ್ 30 ಗುಂಟೆ ಪ್ರದೇಶದಲ್ಲಿದ್ದು, ನಿಯಮಾನುಸಾರ ಕೆಲಸ ನಡೆಯುತ್ತಿದೆ. ಸಂಬಂಧಿಸಿದ ಇಲಾಖೆಗಳಿಂದ ಅನುಮತಿ ಪಡೆಯಲಾಗಿದೆ. ಸಾರ್ವಜನಿಕರು ತಪ್ಪು ಮಾಹಿತಿಗೆ ಕಿವಿಗೊಡಬಾರದು ಎಂದು ತಿಳಿಸಿದರು.
ದಾಖಲೆಗಳ ಬಗ್ಗೆ ವಕ್ಫ್ ಮಂಡಳಿಗೆ ಪತ್ರ ಬರೆಯಲಾಗಿದೆ. ಸಮಿತಿಯ ಪದಾಧಿಕಾರಿಗಳಾದ ಅಬ್ದುಲ್ ರೆಹಮಾನ್, ಮಹಮ್ಮದ್ ಇಸ್ಮಾಯಿಲ್, ಹಾಗೂ ಇತರರು ಪತ್ರಿಕಾಗೋಷ್ಠಿಯಲ್ಲಿ ಇದ್ದರು. ಪ್ರಮುಖರಾದ ಶಬ್ಬೀರ್ ಅಹಮ್ಮದ್ ಉಪಸ್ಥಿತರಿದ್ದರು.
